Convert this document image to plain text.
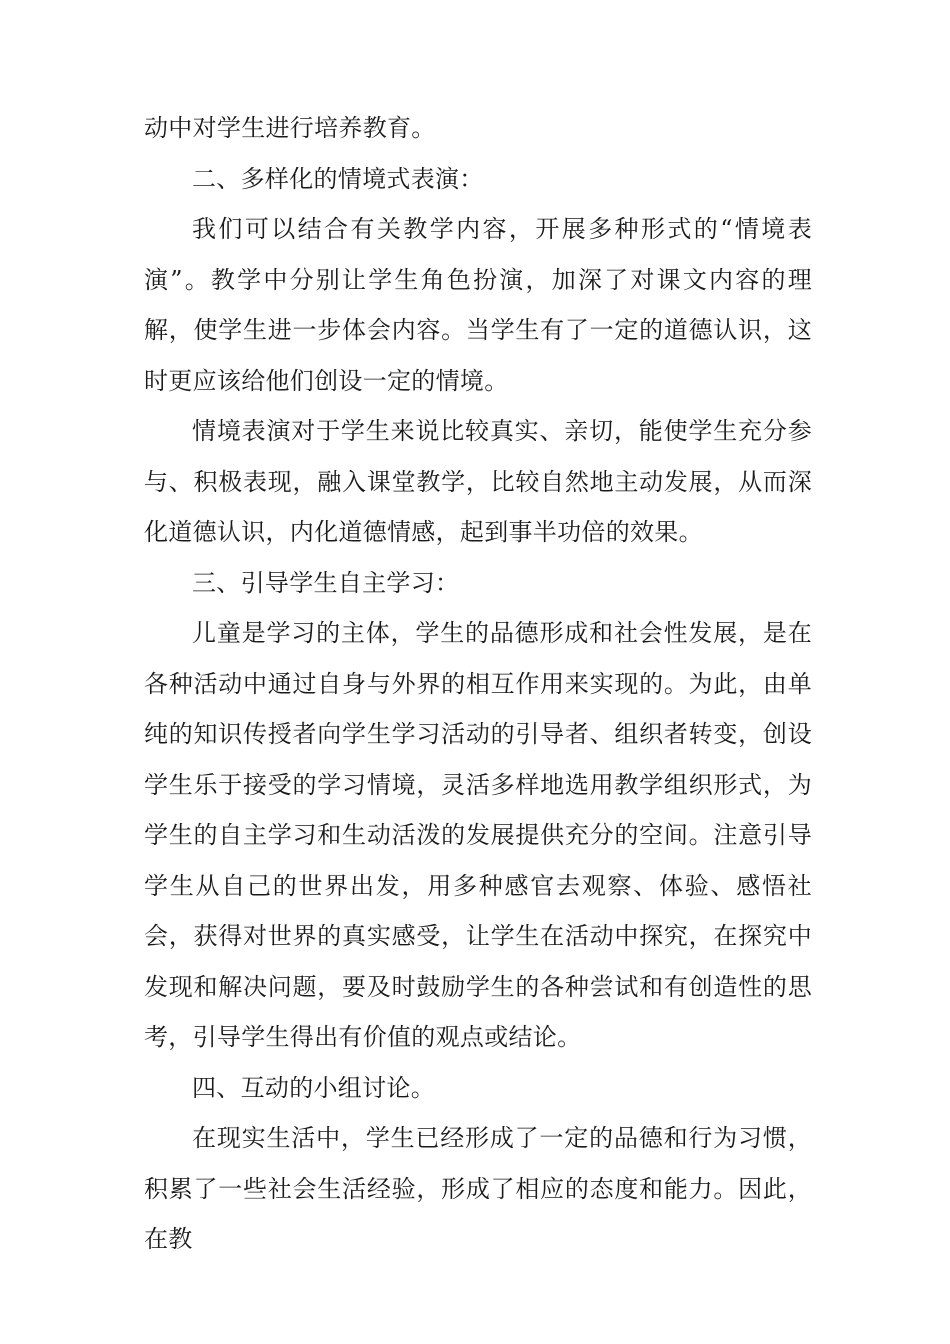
动中对学生进行培养教育。

二、多样化的情境式表演：

我们可以结合有关教学内容，开展多种形式的“情境表演”。教学中分别让学生角色扮演，加深了对课文内容的理解，使学生进一步体会内容。当学生有了一定的道德认识，这时更应该给他们创设一定的情境。

情境表演对于学生来说比较真实、亲切，能使学生充分参与、积极表现，融入课堂教学，比较自然地主动发展，从而深化道德认识，内化道德情感，起到事半功倍的效果。

三、引导学生自主学习：

儿童是学习的主体，学生的品德形成和社会性发展，是在各种活动中通过自身与外界的相互作用来实现的。为此，由单纯的知识传授者向学生学习活动的引导者、组织者转变，创设学生乐于接受的学习情境，灵活多样地选用教学组织形式，为学生的自主学习和生动活泼的发展提供充分的空间。注意引导学生从自己的世界出发，用多种感官去观察、体验、感悟社会，获得对世界的真实感受，让学生在活动中探究，在探究中发现和解决问题，要及时鼓励学生的各种尝试和有创造性的思考，引导学生得出有价值的观点或结论。

四、互动的小组讨论。

在现实生活中，学生已经形成了一定的品德和行为习惯，积累了一些社会生活经验，形成了相应的态度和能力。因此，在教
